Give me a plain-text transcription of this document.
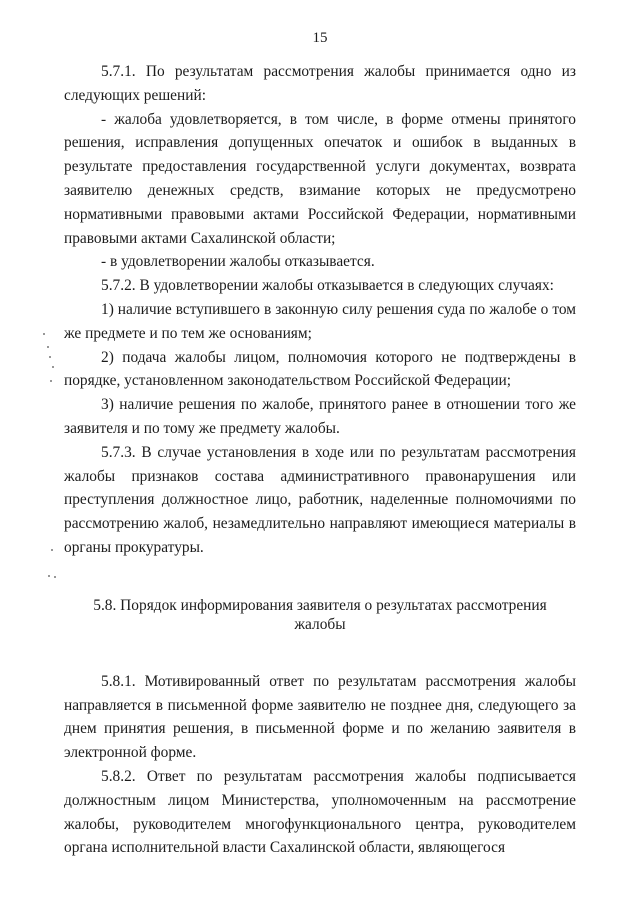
15

5.7.1. По результатам рассмотрения жалобы принимается одно из следующих решений:

- жалоба удовлетворяется, в том числе, в форме отмены принятого решения, исправления допущенных опечаток и ошибок в выданных в результате предоставления государственной услуги документах, возврата заявителю денежных средств, взимание которых не предусмотрено нормативными правовыми актами Российской Федерации, нормативными правовыми актами Сахалинской области;

- в удовлетворении жалобы отказывается.

5.7.2. В удовлетворении жалобы отказывается в следующих случаях:

1) наличие вступившего в законную силу решения суда по жалобе о том же предмете и по тем же основаниям;

2) подача жалобы лицом, полномочия которого не подтверждены в порядке, установленном законодательством Российской Федерации;

3) наличие решения по жалобе, принятого ранее в отношении того же заявителя и по тому же предмету жалобы.

5.7.3. В случае установления в ходе или по результатам рассмотрения жалобы признаков состава административного правонарушения или преступления должностное лицо, работник, наделенные полномочиями по рассмотрению жалоб, незамедлительно направляют имеющиеся материалы в органы прокуратуры.

5.8. Порядок информирования заявителя о результатах рассмотрения жалобы

5.8.1. Мотивированный ответ по результатам рассмотрения жалобы направляется в письменной форме заявителю не позднее дня, следующего за днем принятия решения, в письменной форме и по желанию заявителя в электронной форме.

5.8.2. Ответ по результатам рассмотрения жалобы подписывается должностным лицом Министерства, уполномоченным на рассмотрение жалобы, руководителем многофункционального центра, руководителем органа исполнительной власти Сахалинской области, являющегося
